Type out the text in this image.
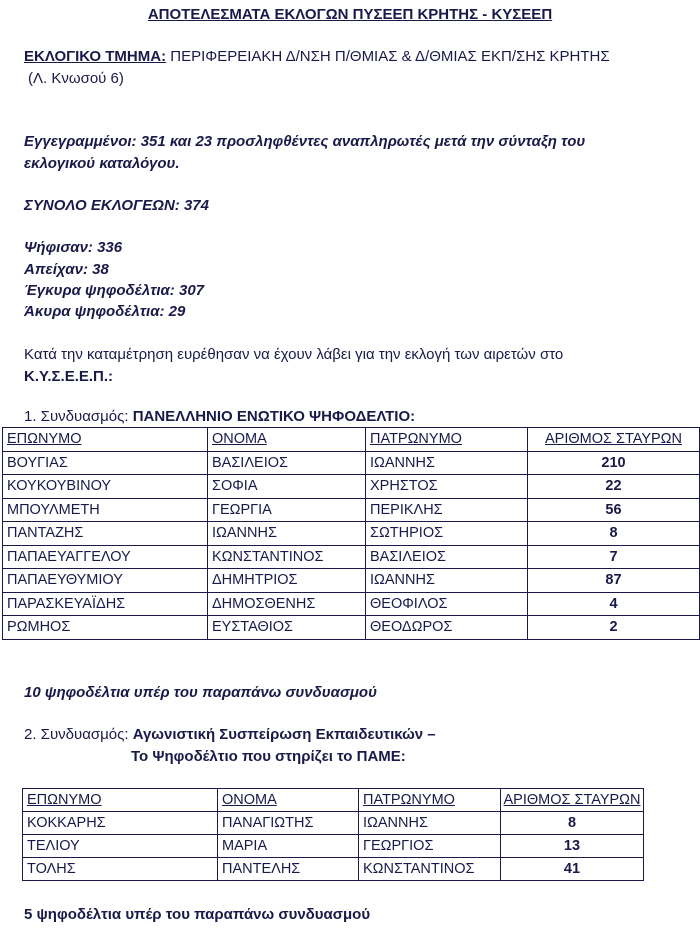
ΑΠΟΤΕΛΕΣΜΑΤΑ ΕΚΛΟΓΩΝ ΠΥΣΕΕΠ ΚΡΗΤΗΣ - ΚΥΣΕΕΠ
ΕΚΛΟΓΙΚΟ ΤΜΗΜΑ: ΠΕΡΙΦΕΡΕΙΑΚΗ Δ/ΝΣΗ Π/ΘΜΙΑΣ & Δ/ΘΜΙΑΣ ΕΚΠ/ΣΗΣ ΚΡΗΤΗΣ
(Λ. Κνωσού 6)
Εγγεγραμμένοι: 351 και 23 προσληφθέντες αναπληρωτές μετά την σύνταξη του
εκλογικού καταλόγου.
ΣΥΝΟΛΟ ΕΚΛΟΓΕΩΝ: 374
Ψήφισαν: 336
Απείχαν: 38
Έγκυρα ψηφοδέλτια: 307
Άκυρα ψηφοδέλτια: 29
Κατά την καταμέτρηση ευρέθησαν να έχουν λάβει για την εκλογή των αιρετών στο
Κ.Υ.Σ.Ε.Ε.Π.:
1. Συνδυασμός: ΠΑΝΕΛΛΗΝΙΟ ΕΝΩΤΙΚΟ ΨΗΦΟΔΕΛΤΙΟ:
ΕΠΩΝΥΜΟ	ΟΝΟΜΑ	ΠΑΤΡΩΝΥΜΟ	ΑΡΙΘΜΟΣ ΣΤΑΥΡΩΝ
ΒΟΥΓΙΑΣ	ΒΑΣΙΛΕΙΟΣ	ΙΩΑΝΝΗΣ	210
ΚΟΥΚΟΥΒΙΝΟΥ	ΣΟΦΙΑ	ΧΡΗΣΤΟΣ	22
ΜΠΟΥΛΜΕΤΗ	ΓΕΩΡΓΙΑ	ΠΕΡΙΚΛΗΣ	56
ΠΑΝΤΑΖΗΣ	ΙΩΑΝΝΗΣ	ΣΩΤΗΡΙΟΣ	8
ΠΑΠΑΕΥΑΓΓΕΛΟΥ	ΚΩΝΣΤΑΝΤΙΝΟΣ	ΒΑΣΙΛΕΙΟΣ	7
ΠΑΠΑΕΥΘΥΜΙΟΥ	ΔΗΜΗΤΡΙΟΣ	ΙΩΑΝΝΗΣ	87
ΠΑΡΑΣΚΕΥΑΪΔΗΣ	ΔΗΜΟΣΘΕΝΗΣ	ΘΕΟΦΙΛΟΣ	4
ΡΩΜΗΟΣ	ΕΥΣΤΑΘΙΟΣ	ΘΕΟΔΩΡΟΣ	2
10 ψηφοδέλτια υπέρ του παραπάνω συνδυασμού
2. Συνδυασμός: Αγωνιστική Συσπείρωση Εκπαιδευτικών –
Το Ψηφοδέλτιο που στηρίζει το ΠΑΜΕ:
ΕΠΩΝΥΜΟ	ΟΝΟΜΑ	ΠΑΤΡΩΝΥΜΟ	ΑΡΙΘΜΟΣ ΣΤΑΥΡΩΝ
ΚΟΚΚΑΡΗΣ	ΠΑΝΑΓΙΩΤΗΣ	ΙΩΑΝΝΗΣ	8
ΤΕΛΙΟΥ	ΜΑΡΙΑ	ΓΕΩΡΓΙΟΣ	13
ΤΟΛΗΣ	ΠΑΝΤΕΛΗΣ	ΚΩΝΣΤΑΝΤΙΝΟΣ	41
5 ψηφοδέλτια υπέρ του παραπάνω συνδυασμού
